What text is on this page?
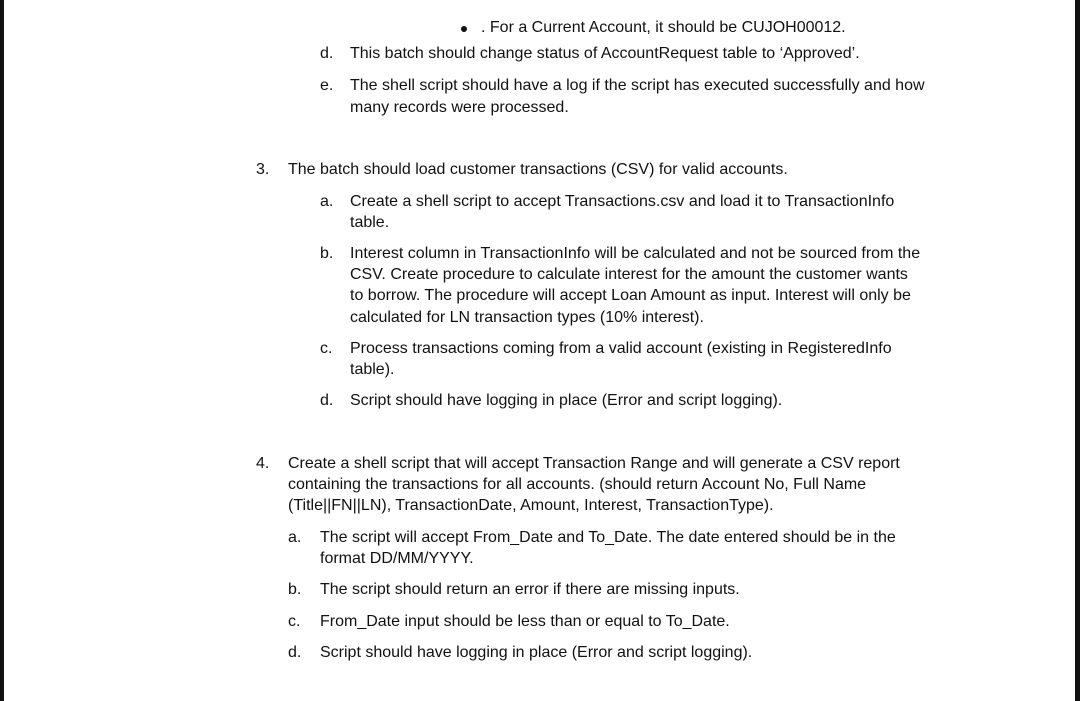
. For a Current Account, it should be CUJOH00012.

d. This batch should change status of AccountRequest table to ‘Approved’.

e. The shell script should have a log if the script has executed successfully and how

many records were processed.

3. The batch should load customer transactions (CSV) for valid accounts.

a. Create a shell script to accept Transactions.csv and load it to TransactionInfo

table.

b. Interest column in TransactionInfo will be calculated and not be sourced from the

CSV. Create procedure to calculate interest for the amount the customer wants

to borrow. The procedure will accept Loan Amount as input. Interest will only be

calculated for LN transaction types (10% interest).

c. Process transactions coming from a valid account (existing in RegisteredInfo

table).

d. Script should have logging in place (Error and script logging).

4. Create a shell script that will accept Transaction Range and will generate a CSV report

containing the transactions for all accounts. (should return Account No, Full Name

(Title||FN||LN), TransactionDate, Amount, Interest, TransactionType).

a. The script will accept From_Date and To_Date. The date entered should be in the

format DD/MM/YYYY.

b. The script should return an error if there are missing inputs.

c. From_Date input should be less than or equal to To_Date.

d. Script should have logging in place (Error and script logging).
